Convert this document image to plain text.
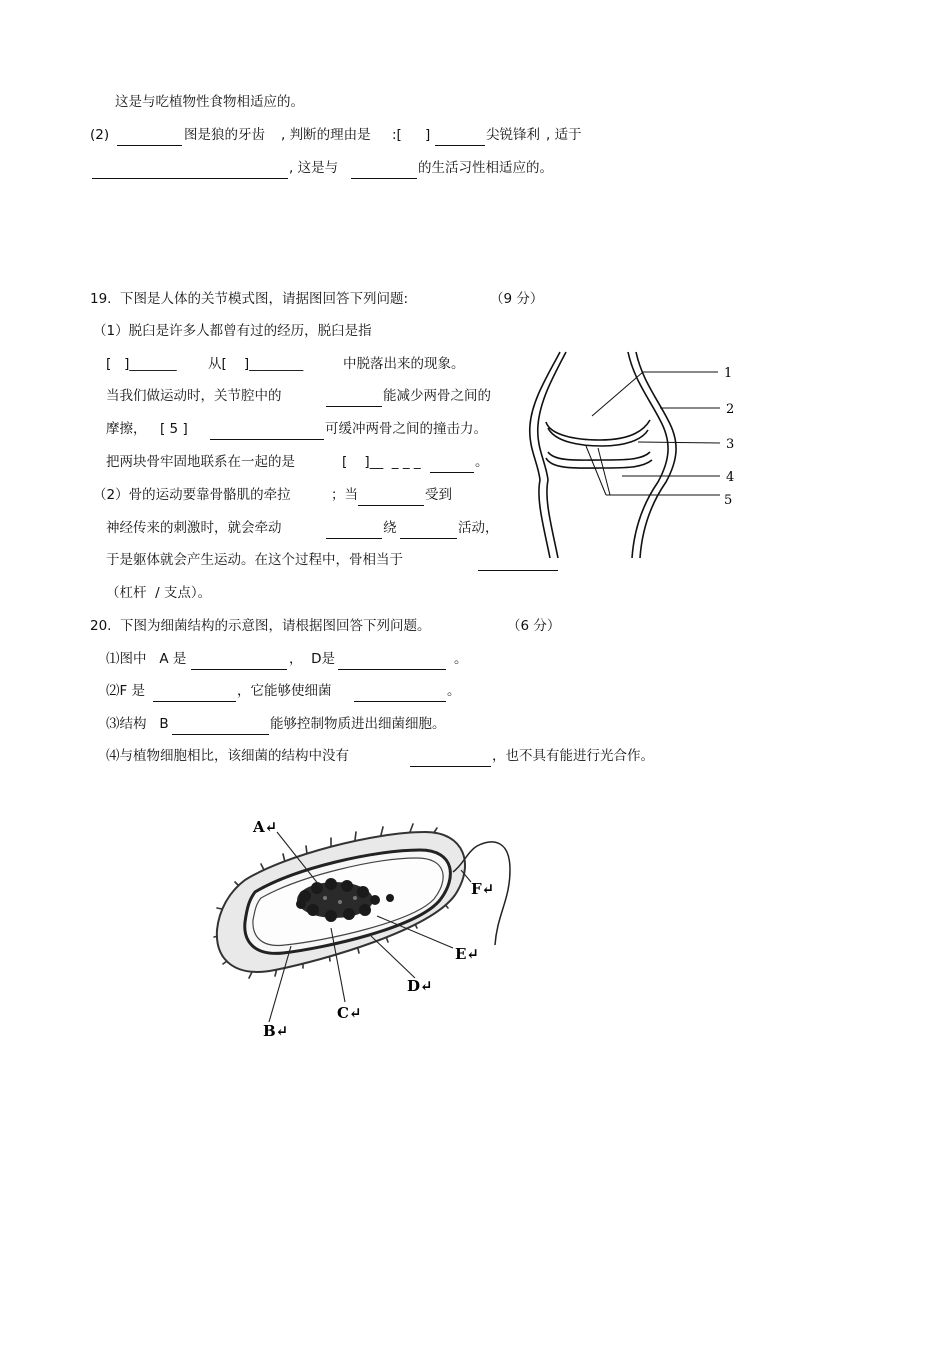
这是与吃植物性食物相适应的。
(2)	图是狼的牙齿 , 判断的理由是 :[ ]	尖锐锋利 , 适于
, 这是与	的生活习性相适应的。
19.  下图是人体的关节模式图，请据图回答下列问题:	（9 分）
（1）脱臼是许多人都曾有过的经历，脱臼是指
[   ]_______ 从[    ]________	中脱落出来的现象。
当我们做运动时，关节腔中的	能减少两骨之间的
摩擦， [ 5 ]	可缓冲两骨之间的撞击力。
把两块骨牢固地联系在一起的是	[    ]__  _ _ _	。
（2）骨的运动要靠骨骼肌的牵拉	；当	受到
神经传来的刺激时，就会牵动	绕	活动，
于是躯体就会产生运动。在这个过程中，骨相当于
（杠杆  / 支点）。
1
2
3
4
5
20.  下图为细菌结构的示意图，请根据图回答下列问题。	（6 分）
⑴图中   A 是	，  D是	。
⑵F 是	，它能够使细菌	。
⑶结构   B	能够控制物质进出细菌细胞。
⑷与植物细胞相比，该细菌的结构中没有	，也不具有能进行光合作。
A↵
B↵
C↵
D↵
E↵
F↵
